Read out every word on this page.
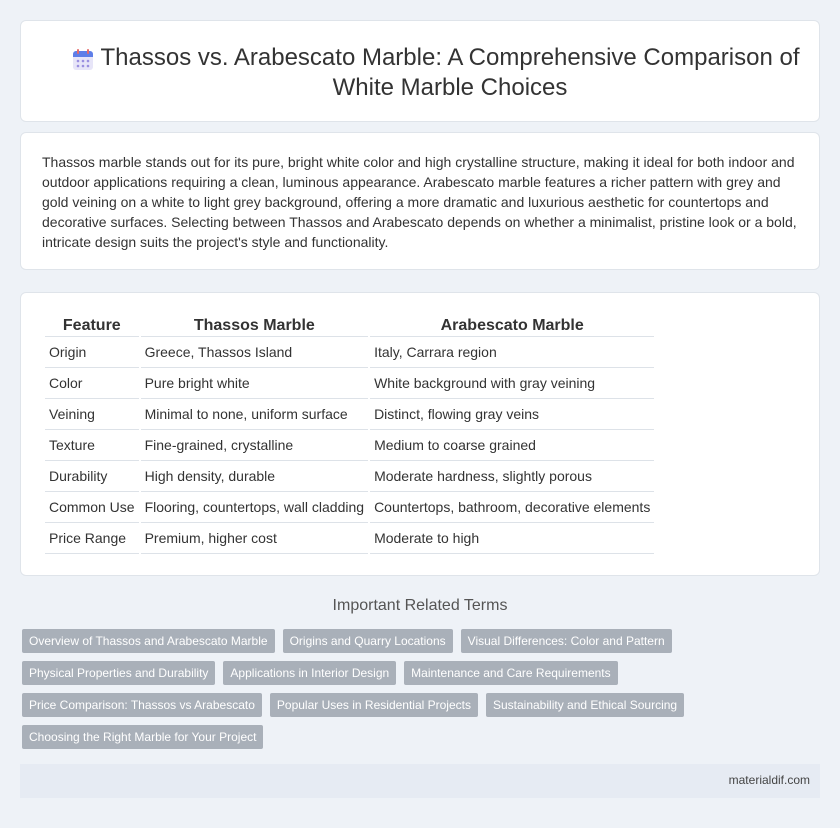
Thassos vs. Arabescato Marble: A Comprehensive Comparison of White Marble Choices

Thassos marble stands out for its pure, bright white color and high crystalline structure, making it ideal for both indoor and outdoor applications requiring a clean, luminous appearance. Arabescato marble features a richer pattern with grey and gold veining on a white to light grey background, offering a more dramatic and luxurious aesthetic for countertops and decorative surfaces. Selecting between Thassos and Arabescato depends on whether a minimalist, pristine look or a bold, intricate design suits the project's style and functionality.

Feature	Thassos Marble	Arabescato Marble
Origin	Greece, Thassos Island	Italy, Carrara region
Color	Pure bright white	White background with gray veining
Veining	Minimal to none, uniform surface	Distinct, flowing gray veins
Texture	Fine-grained, crystalline	Medium to coarse grained
Durability	High density, durable	Moderate hardness, slightly porous
Common Use	Flooring, countertops, wall cladding	Countertops, bathroom, decorative elements
Price Range	Premium, higher cost	Moderate to high
Important Related Terms
Overview of Thassos and Arabescato Marble	Origins and Quarry Locations	Visual Differences: Color and Pattern
Physical Properties and Durability	Applications in Interior Design	Maintenance and Care Requirements
Price Comparison: Thassos vs Arabescato	Popular Uses in Residential Projects	Sustainability and Ethical Sourcing
Choosing the Right Marble for Your Project
materialdif.com
